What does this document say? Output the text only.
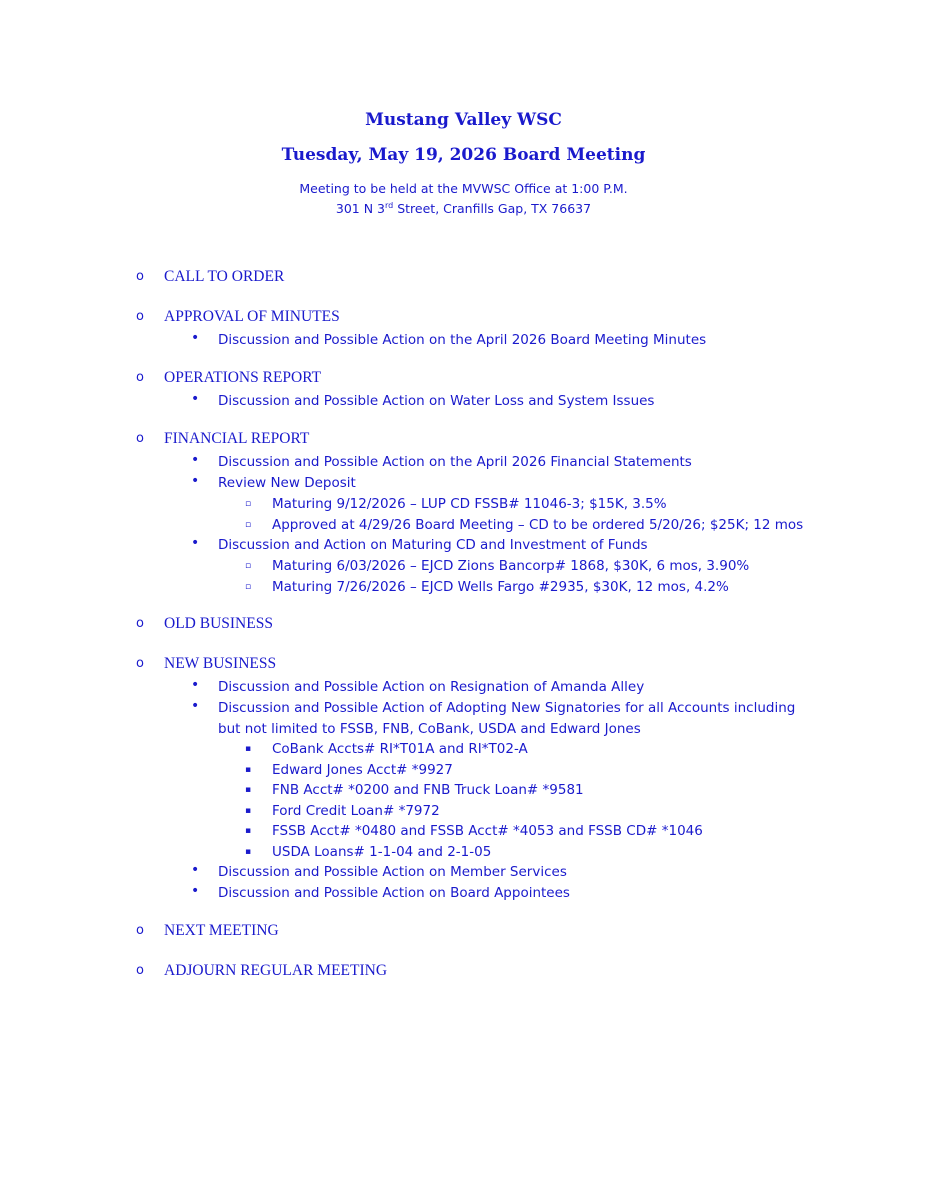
Mustang Valley WSC
Tuesday, May 19, 2026 Board Meeting
Meeting to be held at the MVWSC Office at 1:00 P.M.
301 N 3rd Street, Cranfills Gap, TX 76637
o CALL TO ORDER
o APPROVAL OF MINUTES
• Discussion and Possible Action on the April 2026 Board Meeting Minutes
o OPERATIONS REPORT
• Discussion and Possible Action on Water Loss and System Issues
o FINANCIAL REPORT
• Discussion and Possible Action on the April 2026 Financial Statements
• Review New Deposit
▫ Maturing 9/12/2026 – LUP CD FSSB# 11046-3; $15K, 3.5%
▫ Approved at 4/29/26 Board Meeting – CD to be ordered 5/20/26; $25K; 12 mos
• Discussion and Action on Maturing CD and Investment of Funds
▫ Maturing 6/03/2026 – EJCD Zions Bancorp# 1868, $30K, 6 mos, 3.90%
▫ Maturing 7/26/2026 – EJCD Wells Fargo #2935, $30K, 12 mos, 4.2%
o OLD BUSINESS
o NEW BUSINESS
• Discussion and Possible Action on Resignation of Amanda Alley
• Discussion and Possible Action of Adopting New Signatories for all Accounts including but not limited to FSSB, FNB, CoBank, USDA and Edward Jones
▪ CoBank Accts# RI*T01A and RI*T02-A
▪ Edward Jones Acct# *9927
▪ FNB Acct# *0200 and FNB Truck Loan# *9581
▪ Ford Credit Loan# *7972
▪ FSSB Acct# *0480 and FSSB Acct# *4053 and FSSB CD# *1046
▪ USDA Loans# 1-1-04 and 2-1-05
• Discussion and Possible Action on Member Services
• Discussion and Possible Action on Board Appointees
o NEXT MEETING
o ADJOURN REGULAR MEETING
